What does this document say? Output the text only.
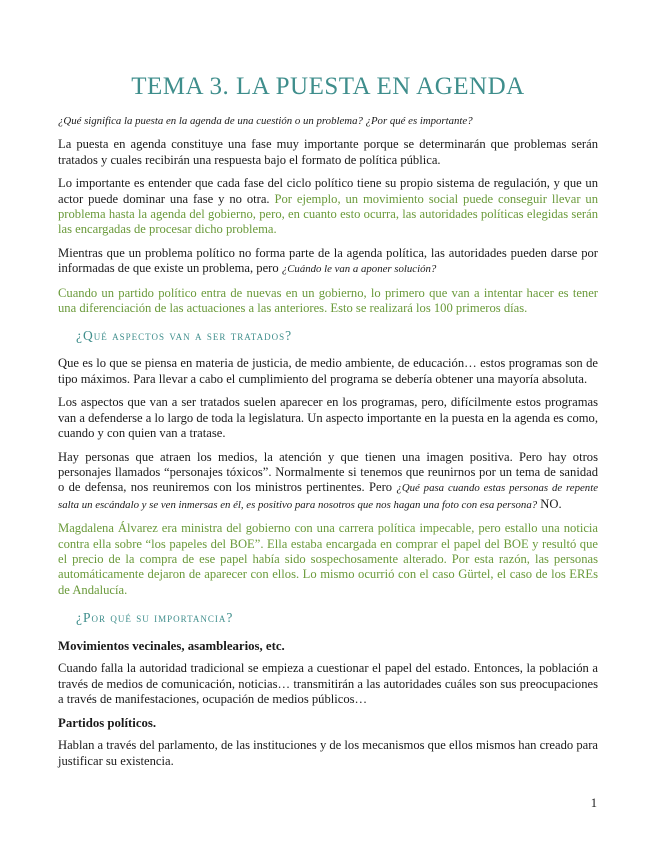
TEMA 3. LA PUESTA EN AGENDA

¿Qué significa la puesta en la agenda de una cuestión o un problema? ¿Por qué es importante?

La puesta en agenda constituye una fase muy importante porque se determinarán que problemas serán tratados y cuales recibirán una respuesta bajo el formato de política pública.

Lo importante es entender que cada fase del ciclo político tiene su propio sistema de regulación, y que un actor puede dominar una fase y no otra. Por ejemplo, un movimiento social puede conseguir llevar un problema hasta la agenda del gobierno, pero, en cuanto esto ocurra, las autoridades políticas elegidas serán las encargadas de procesar dicho problema.

Mientras que un problema político no forma parte de la agenda política, las autoridades pueden darse por informadas de que existe un problema, pero ¿Cuándo le van a aponer solución?

Cuando un partido político entra de nuevas en un gobierno, lo primero que van a intentar hacer es tener una diferenciación de las actuaciones a las anteriores. Esto se realizará los 100 primeros días.

¿Qué aspectos van a ser tratados?

Que es lo que se piensa en materia de justicia, de medio ambiente, de educación… estos programas son de tipo máximos. Para llevar a cabo el cumplimiento del programa se debería obtener una mayoría absoluta.

Los aspectos que van a ser tratados suelen aparecer en los programas, pero, difícilmente estos programas van a defenderse a lo largo de toda la legislatura. Un aspecto importante en la puesta en la agenda es como, cuando y con quien van a tratase.

Hay personas que atraen los medios, la atención y que tienen una imagen positiva. Pero hay otros personajes llamados “personajes tóxicos”. Normalmente si tenemos que reunirnos por un tema de sanidad o de defensa, nos reuniremos con los ministros pertinentes. Pero ¿Qué pasa cuando estas personas de repente salta un escándalo y se ven inmersas en él, es positivo para nosotros que nos hagan una foto con esa persona? NO.

Magdalena Álvarez era ministra del gobierno con una carrera política impecable, pero estallo una noticia contra ella sobre “los papeles del BOE”. Ella estaba encargada en comprar el papel del BOE y resultó que el precio de la compra de ese papel había sido sospechosamente alterado. Por esta razón, las personas automáticamente dejaron de aparecer con ellos. Lo mismo ocurrió con el caso Gürtel, el caso de los EREs de Andalucía.

¿Por qué su importancia?
Movimientos vecinales, asamblearios, etc.

Cuando falla la autoridad tradicional se empieza a cuestionar el papel del estado. Entonces, la población a través de medios de comunicación, noticias… transmitirán a las autoridades cuáles son sus preocupaciones a través de manifestaciones, ocupación de medios públicos…

Partidos políticos.

Hablan a través del parlamento, de las instituciones y de los mecanismos que ellos mismos han creado para justificar su existencia.

1
